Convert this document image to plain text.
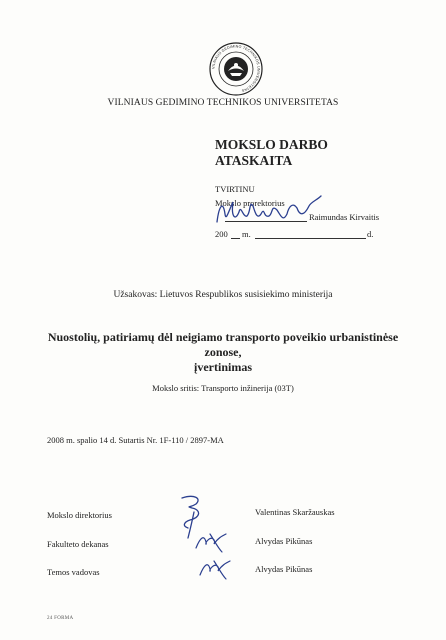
VILNIAUS GEDIMINO TECHNIKOS UNIVERSITETAS
VILNIAUS GEDIMINO TECHNIKOS UNIVERSITETAS
MOKSLO DARBO
ATASKAITA
TVIRTINU
Mokslo prorektorius
Raimundas Kirvaitis
200 m.	d.
Užsakovas: Lietuvos Respublikos susisiekimo ministerija
Nuostolių, patiriamų dėl neigiamo transporto poveikio urbanistinėse zonose,
įvertinimas
Mokslo sritis: Transporto inžinerija (03T)
2008 m. spalio 14 d. Sutartis Nr. 1F-110 / 2897-MA
Mokslo direktorius	Valentinas Skaržauskas
Fakulteto dekanas	Alvydas Pikūnas
Temos vadovas	Alvydas Pikūnas
24 FORMA
